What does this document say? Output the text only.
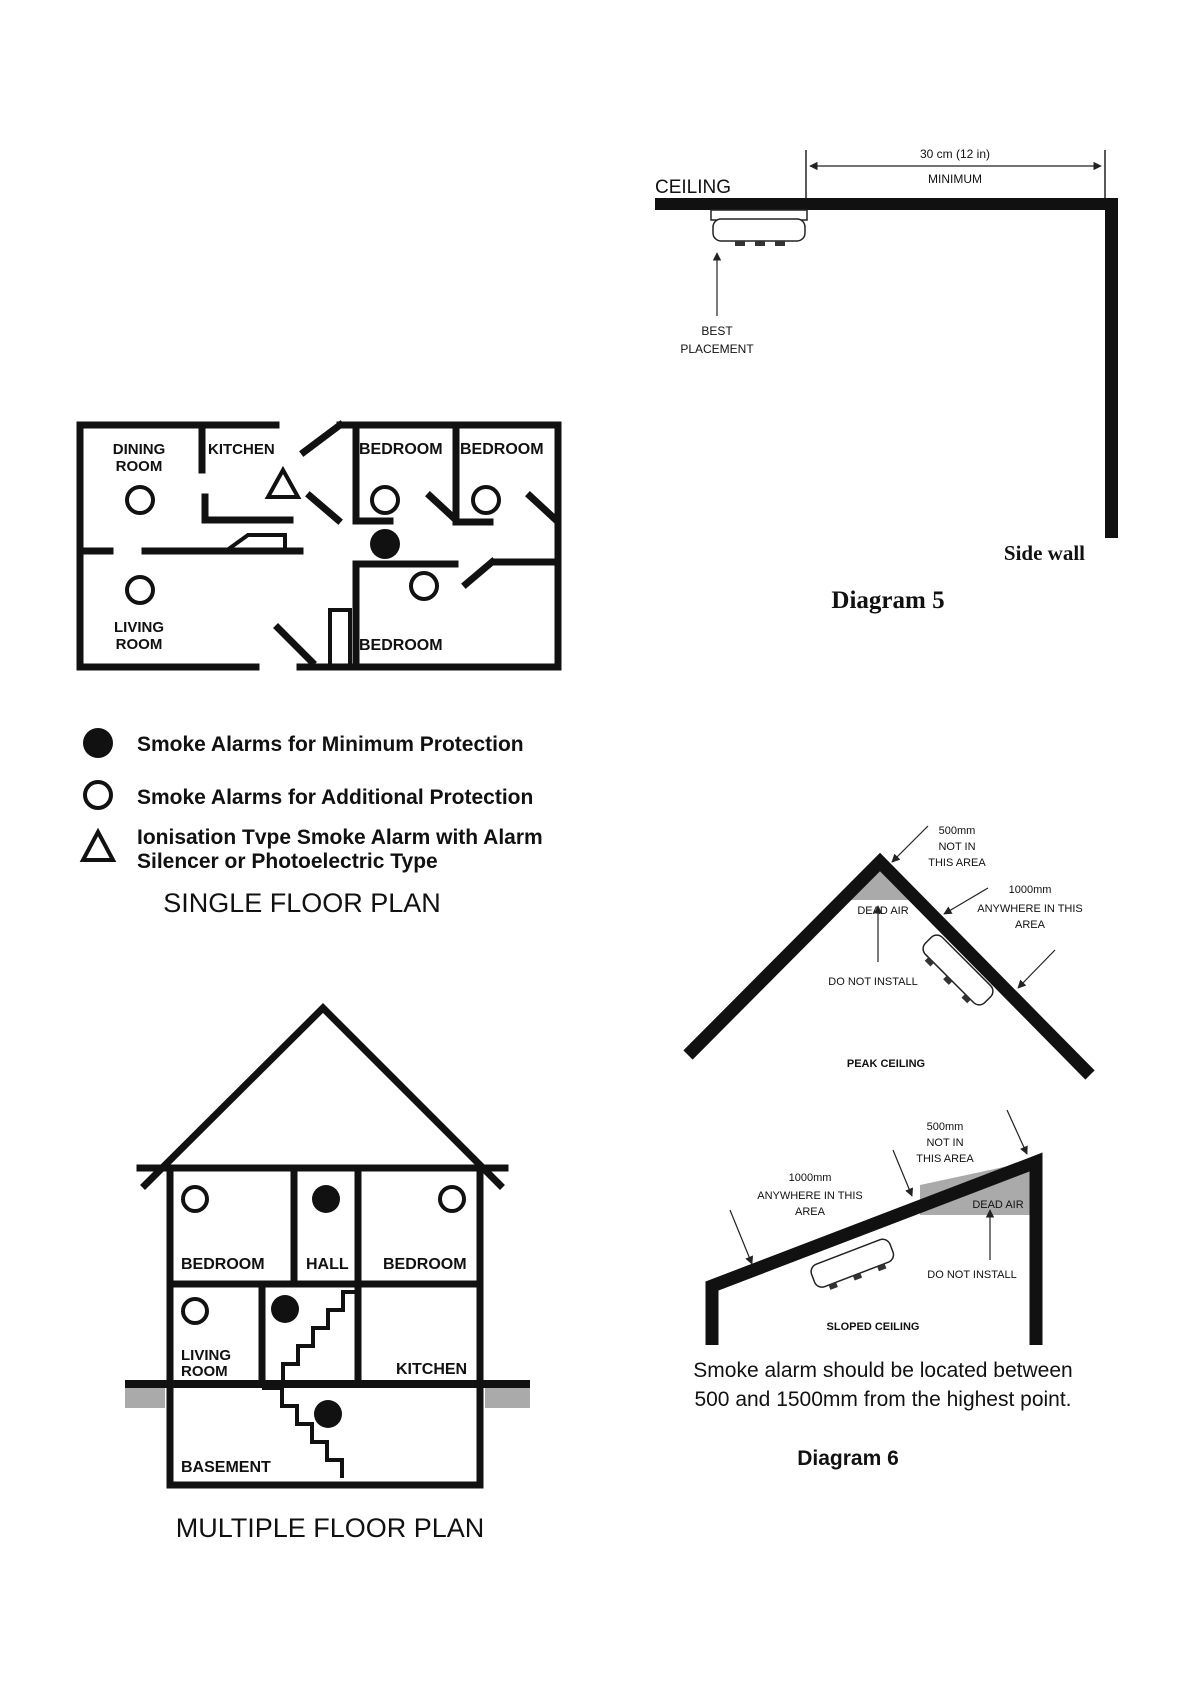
DINING
ROOM
KITCHEN	BEDROOM BEDROOM
LIVING
ROOM	BEDROOM
Smoke Alarms for Minimum Protection
Smoke Alarms for Additional Protection
Ionisation Tvpe Smoke Alarm with Alarm
Silencer or Photoelectric Type
SINGLE FLOOR PLAN
BEDROOM	HALL BEDROOM
LIVING
ROOM	KITCHEN
BASEMENT
MULTIPLE FLOOR PLAN
30 cm (12 in)
MINIMUM
CEILING
BEST
PLACEMENT
Side wall
Diagram 5
DEAD AIR
500mm
NOT IN
THIS AREA
1000mm
ANYWHERE IN THIS
AREA
DO NOT INSTALL
PEAK CEILING
DEAD AIR
500mm
NOT IN
THIS AREA
1000mm
ANYWHERE IN THIS
AREA
DO NOT INSTALL
SLOPED CEILING
Smoke alarm should be located between
500 and 1500mm from the highest point.
Diagram 6
